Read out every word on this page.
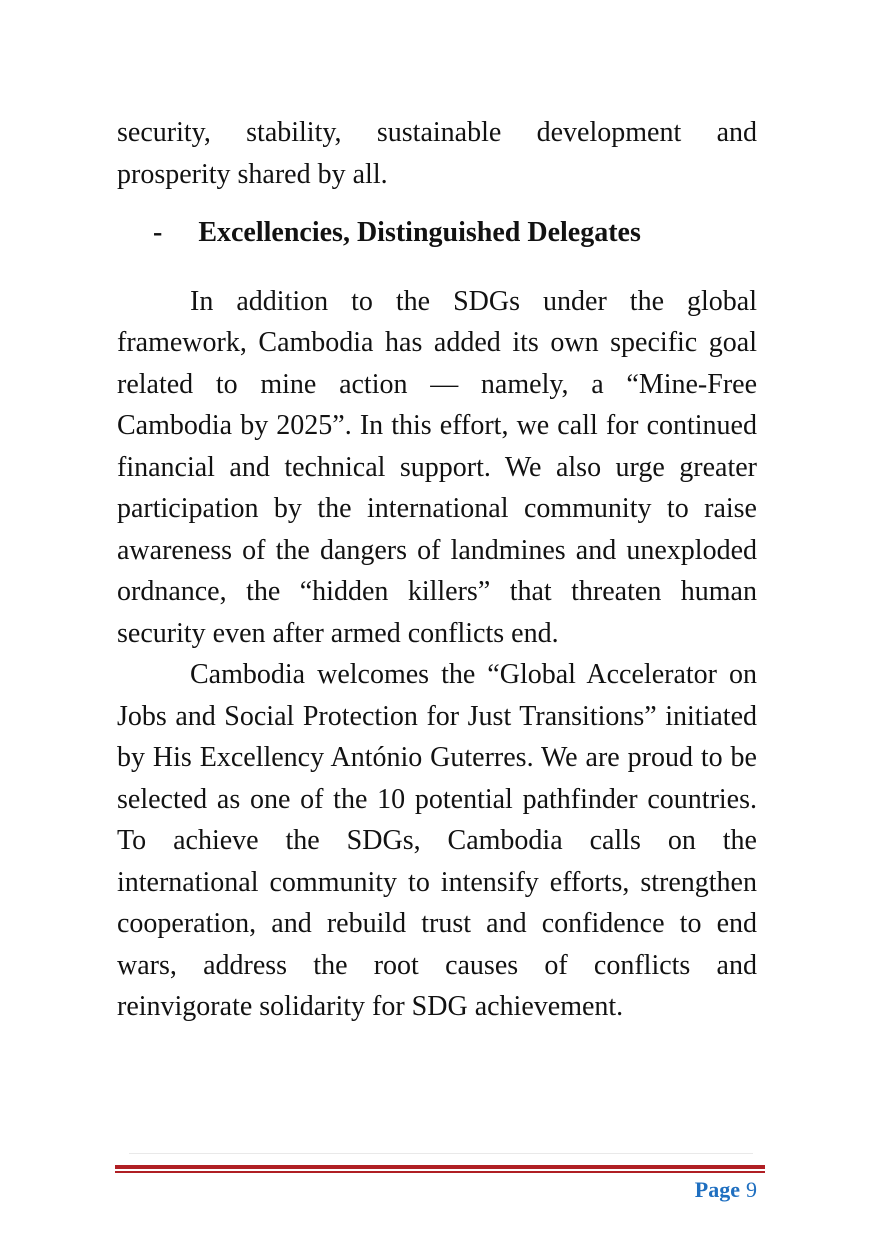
security, stability, sustainable development and prosperity shared by all.

- Excellencies, Distinguished Delegates

In addition to the SDGs under the global framework, Cambodia has added its own specific goal related to mine action — namely, a “Mine-Free Cambodia by 2025”. In this effort, we call for continued financial and technical support. We also urge greater participation by the international community to raise awareness of the dangers of landmines and unexploded ordnance, the “hidden killers” that threaten human security even after armed conflicts end.

Cambodia welcomes the “Global Accelerator on Jobs and Social Protection for Just Transitions” initiated by His Excellency António Guterres. We are proud to be selected as one of the 10 potential pathfinder countries. To achieve the SDGs, Cambodia calls on the international community to intensify efforts, strengthen cooperation, and rebuild trust and confidence to end wars, address the root causes of conflicts and reinvigorate solidarity for SDG achievement.

Page 9
